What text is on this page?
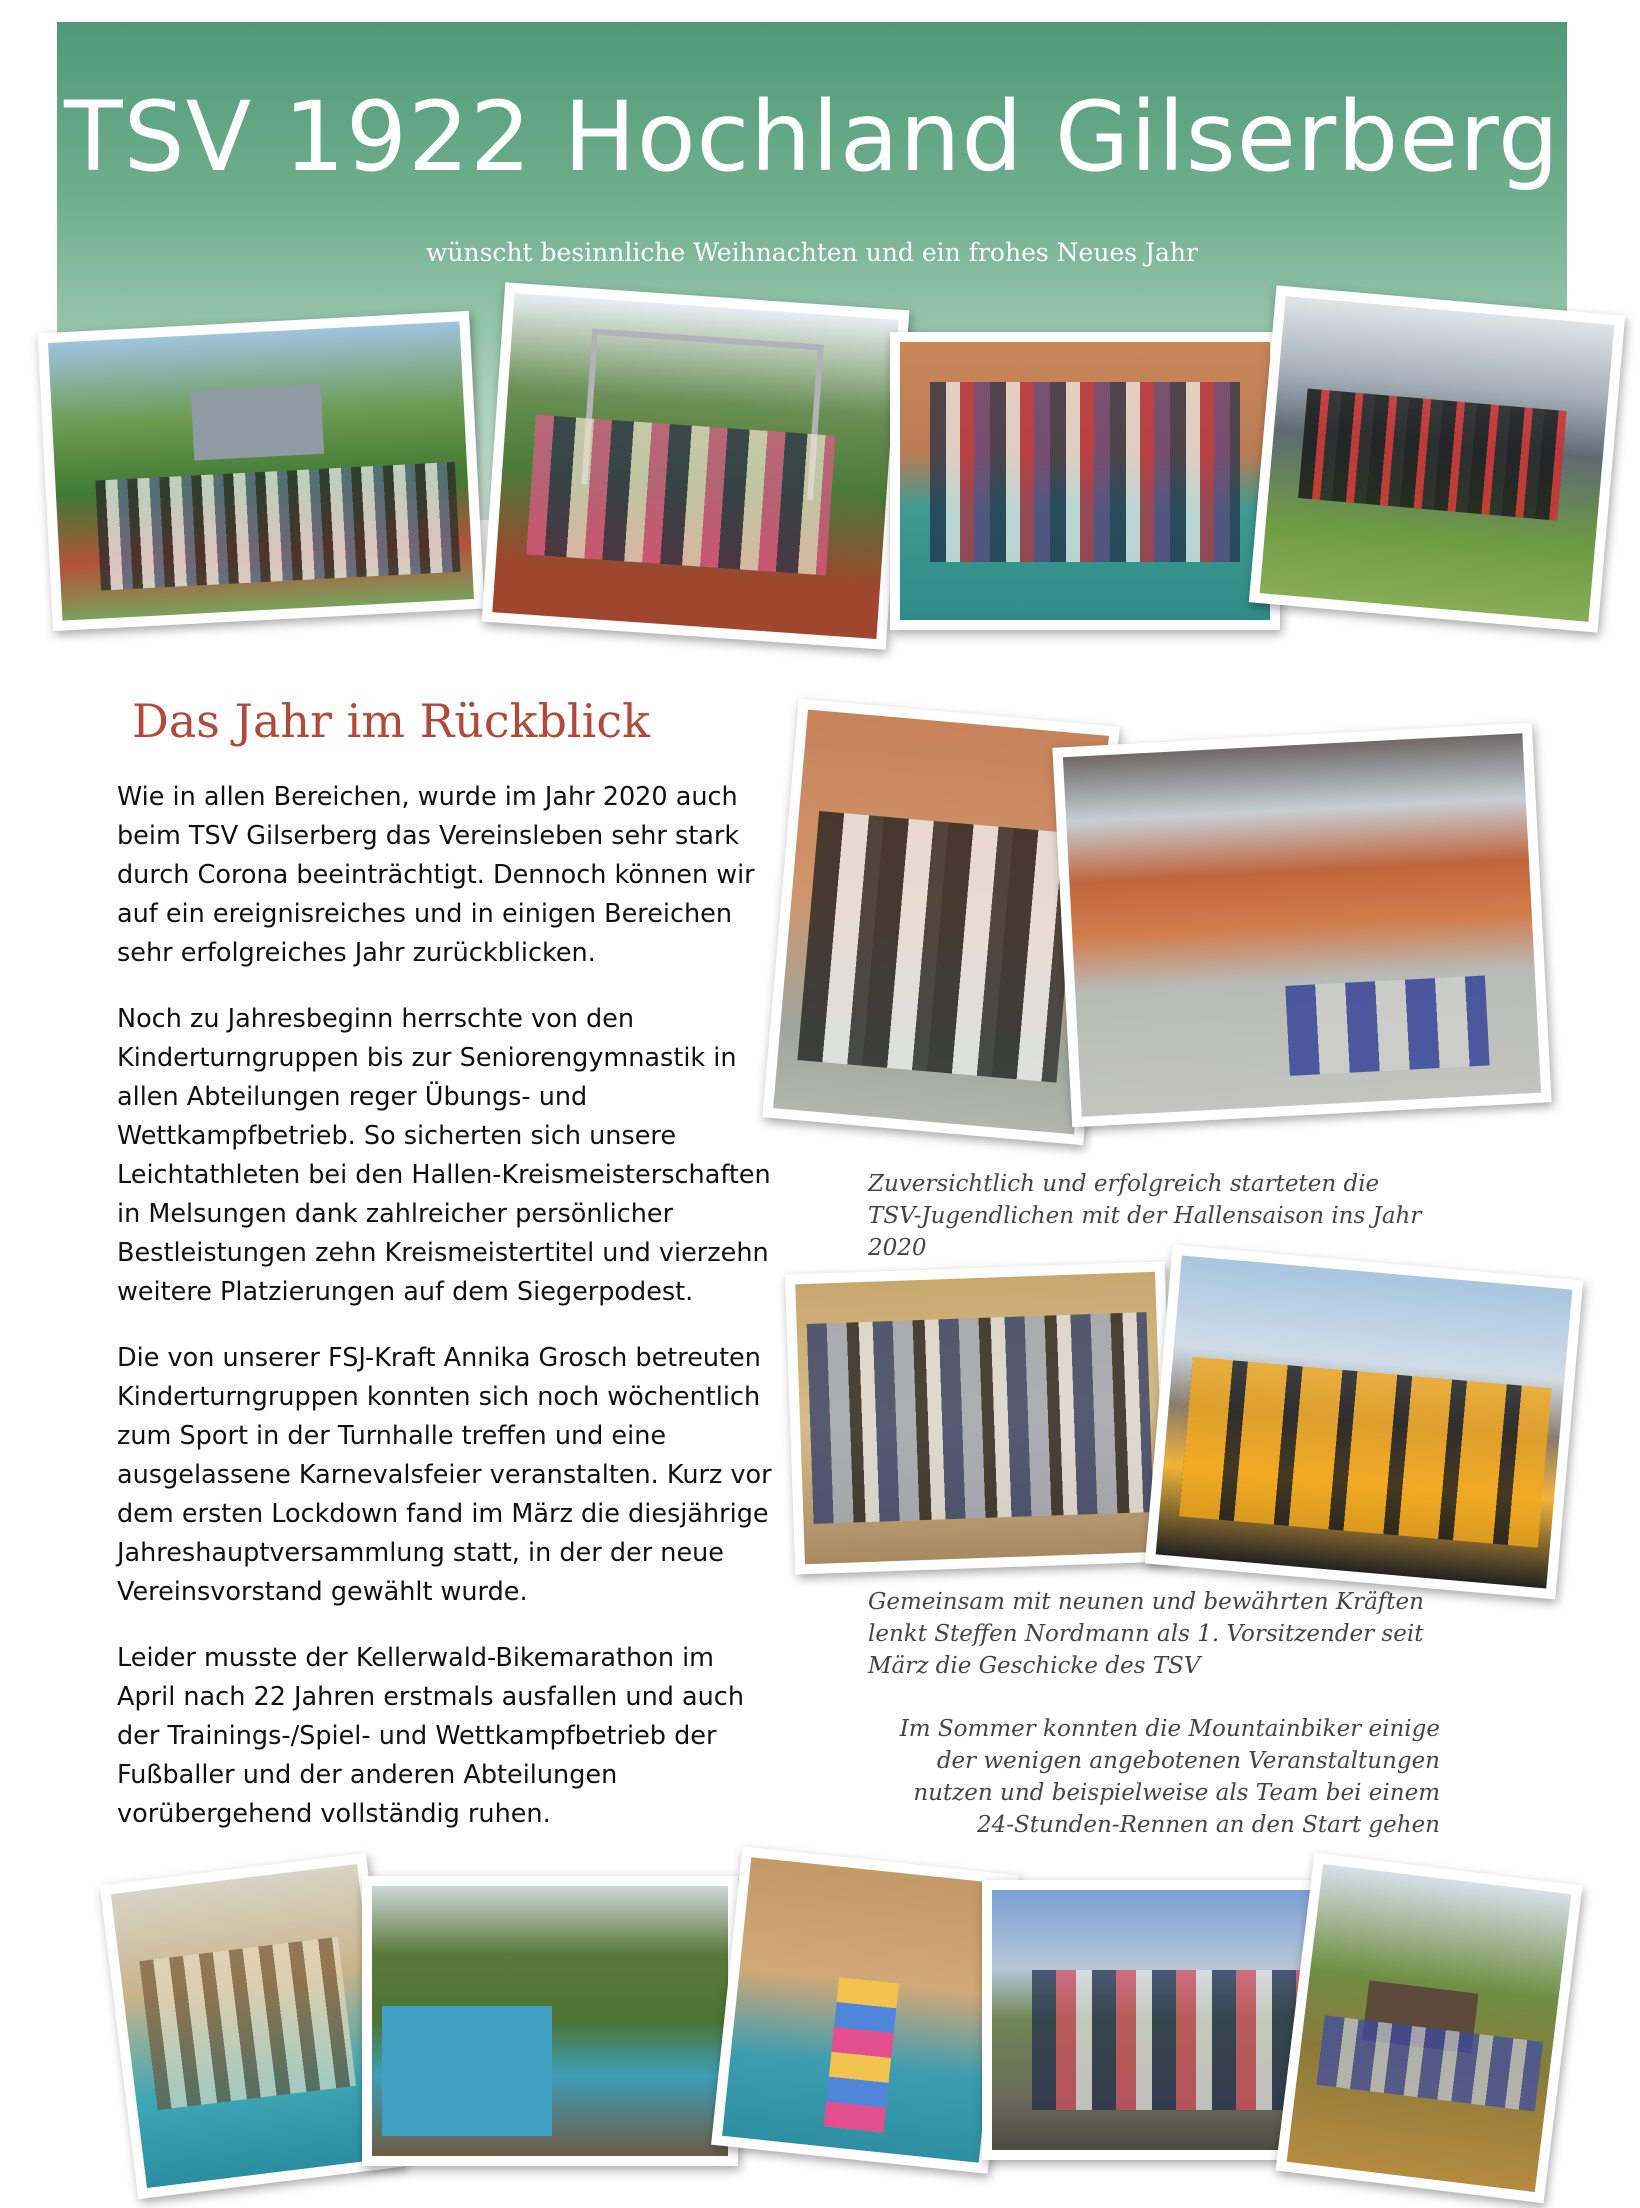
TSV 1922 Hochland Gilserberg
wünscht besinnliche Weihnachten und ein frohes Neues Jahr
Das Jahr im Rückblick

Wie in allen Bereichen, wurde im Jahr 2020 auch beim TSV Gilserberg das Vereinsleben sehr stark durch Corona beeinträchtigt. Dennoch können wir auf ein ereignisreiches und in einigen Bereichen sehr erfolgreiches Jahr zurückblicken.

Noch zu Jahresbeginn herrschte von den Kinderturngruppen bis zur Seniorengymnastik in allen Abteilungen reger Übungs- und Wettkampfbetrieb. So sicherten sich unsere Leichtathleten bei den Hallen-Kreismeisterschaften in Melsungen dank zahlreicher persönlicher Bestleistungen zehn Kreismeistertitel und vierzehn weitere Platzierungen auf dem Siegerpodest.

Die von unserer FSJ-Kraft Annika Grosch betreuten Kinderturngruppen konnten sich noch wöchentlich zum Sport in der Turnhalle treffen und eine ausgelassene Karnevalsfeier veranstalten. Kurz vor dem ersten Lockdown fand im März die diesjährige Jahreshauptversammlung statt, in der der neue Vereinsvorstand gewählt wurde.

Leider musste der Kellerwald-Bikemarathon im April nach 22 Jahren erstmals ausfallen und auch der Trainings-/Spiel- und Wettkampfbetrieb der Fußballer und der anderen Abteilungen vorübergehend vollständig ruhen.

Zuversichtlich und erfolgreich starteten die TSV-Jugendlichen mit der Hallensaison ins Jahr 2020
Gemeinsam mit neunen und bewährten Kräften lenkt Steffen Nordmann als 1. Vorsitzender seit März die Geschicke des TSV
Im Sommer konnten die Mountainbiker einige der wenigen angebotenen Veranstaltungen nutzen und beispielweise als Team bei einem 24-Stunden-Rennen an den Start gehen
